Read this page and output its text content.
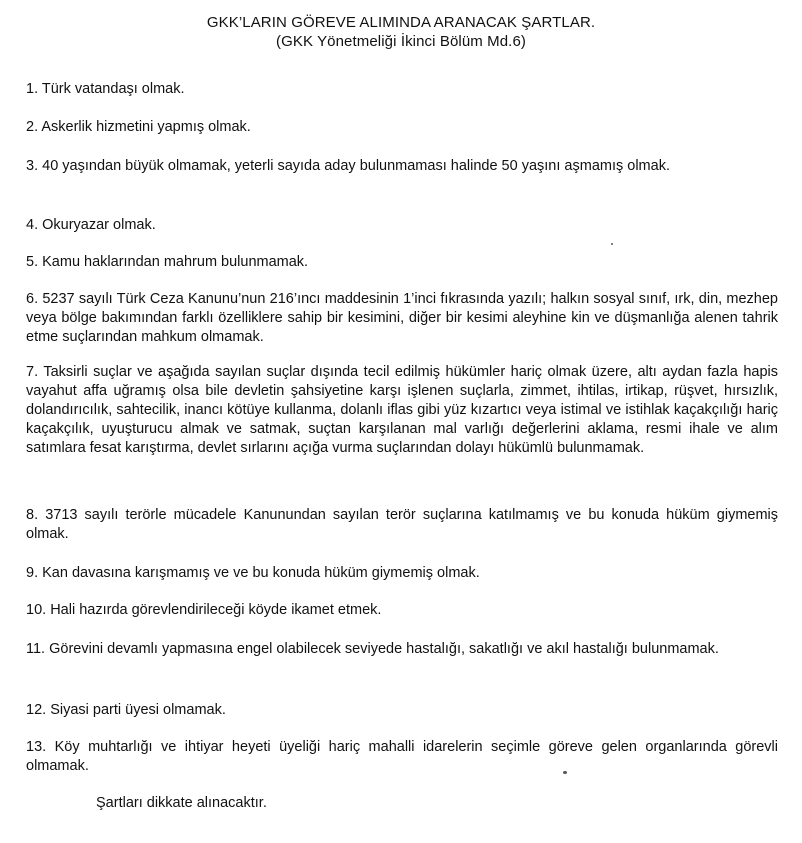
GKK’LARIN GÖREVE ALIMINDA ARANACAK ŞARTLAR.
(GKK Yönetmeliği İkinci Bölüm Md.6)
1. Türk vatandaşı olmak.
2. Askerlik hizmetini yapmış olmak.
3. 40 yaşından büyük olmamak, yeterli sayıda aday bulunmaması halinde 50 yaşını aşmamış olmak.
4. Okuryazar olmak.
5. Kamu haklarından mahrum bulunmamak.
6. 5237 sayılı Türk Ceza Kanunu’nun 216’ıncı maddesinin 1’inci fıkrasında yazılı; halkın sosyal sınıf, ırk, din, mezhep veya bölge bakımından farklı özelliklere sahip bir kesimini, diğer bir kesimi aleyhine kin ve düşmanlığa alenen tahrik etme suçlarından mahkum olmamak.
7. Taksirli suçlar ve aşağıda sayılan suçlar dışında tecil edilmiş hükümler hariç olmak üzere, altı aydan fazla hapis vayahut affa uğramış olsa bile devletin şahsiyetine karşı işlenen suçlarla, zimmet, ihtilas, irtikap, rüşvet, hırsızlık, dolandırıcılık, sahtecilik, inancı kötüye kullanma, dolanlı iflas gibi yüz kızartıcı veya istimal ve istihlak kaçakçılığı hariç kaçakçılık, uyuşturucu almak ve satmak, suçtan karşılanan mal varlığı değerlerini aklama, resmi ihale ve alım satımlara fesat karıştırma, devlet sırlarını açığa vurma suçlarından dolayı hükümlü bulunmamak.
8. 3713 sayılı terörle mücadele Kanunundan sayılan terör suçlarına katılmamış ve bu konuda hüküm giymemiş olmak.
9. Kan davasına karışmamış ve ve bu konuda hüküm giymemiş olmak.
10. Hali hazırda görevlendirileceği köyde ikamet etmek.
11. Görevini devamlı yapmasına engel olabilecek seviyede hastalığı, sakatlığı ve akıl hastalığı bulunmamak.
12. Siyasi parti üyesi olmamak.
13. Köy muhtarlığı ve ihtiyar heyeti üyeliği hariç mahalli idarelerin seçimle göreve gelen organlarında görevli olmamak.
Şartları dikkate alınacaktır.
